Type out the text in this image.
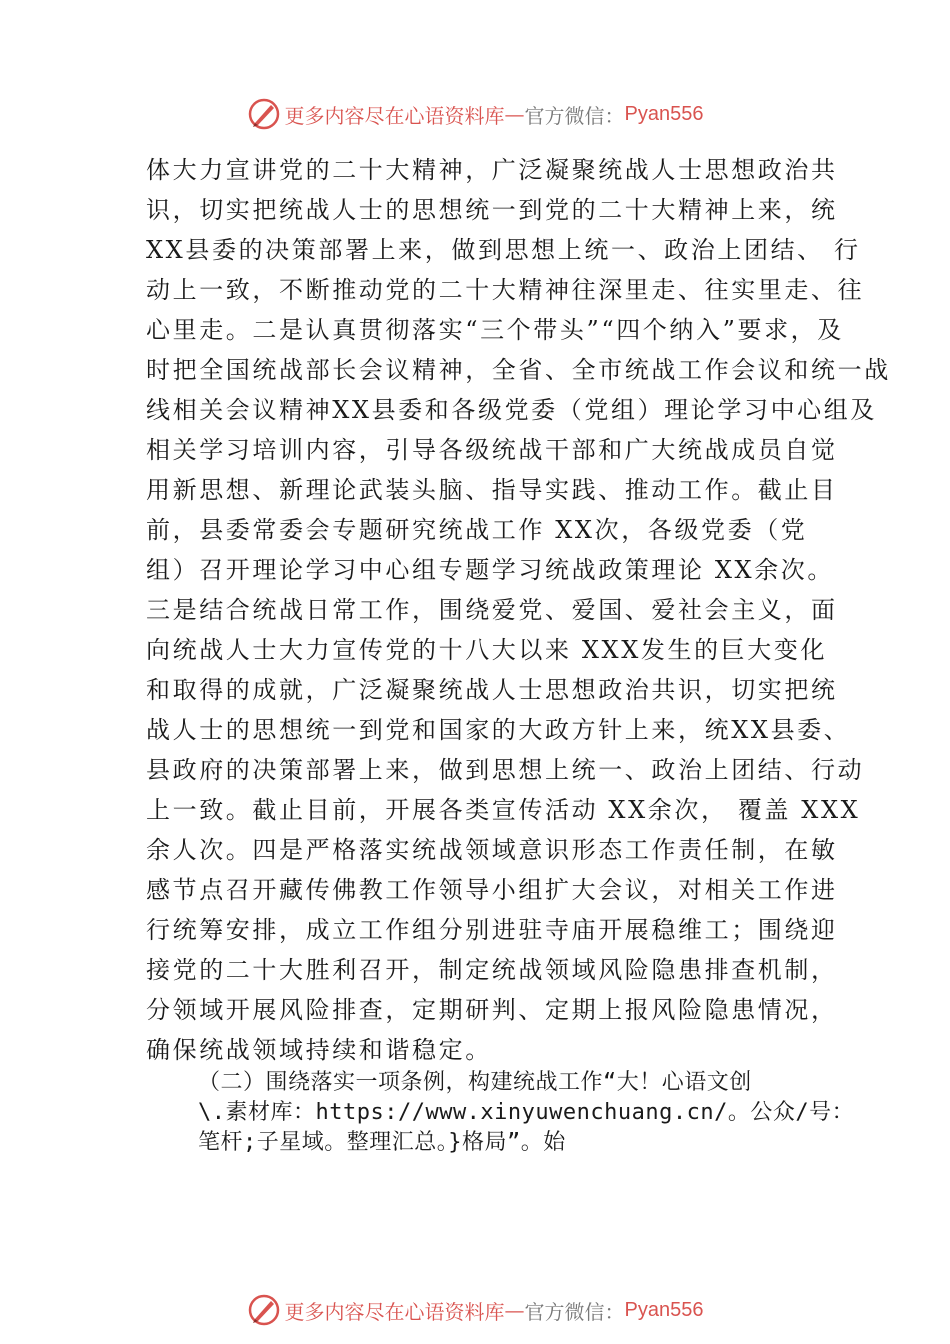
更多内容尽在心语资料库 — 官方微信： Pyan556
体大力宣讲党的二十大精神，广泛凝聚统战人士思想政治共
识，切实把统战人士的思想统一到党的二十大精神上来，统
XX县委的决策部署上来，做到思想上统一、政治上团结、 行
动上一致，不断推动党的二十大精神往深里走、往实里走、往
心里走。二是认真贯彻落实“三个带头”“四个纳入”要求，及
时把全国统战部长会议精神，全省、全市统战工作会议和统一战
线相关会议精神XX县委和各级党委（党组）理论学习中心组及
相关学习培训内容，引导各级统战干部和广大统战成员自觉
用新思想、新理论武装头脑、指导实践、推动工作。截止目
前，县委常委会专题研究统战工作 XX次，各级党委（党
组）召开理论学习中心组专题学习统战政策理论 XX余次。
三是结合统战日常工作，围绕爱党、爱国、爱社会主义，面
向统战人士大力宣传党的十八大以来 XXX发生的巨大变化
和取得的成就，广泛凝聚统战人士思想政治共识，切实把统
战人士的思想统一到党和国家的大政方针上来，统XX县委、
县政府的决策部署上来，做到思想上统一、政治上团结、行动
上一致。截止目前，开展各类宣传活动 XX余次， 覆盖 XXX
余人次。四是严格落实统战领域意识形态工作责任制，在敏
感节点召开藏传佛教工作领导小组扩大会议，对相关工作进
行统筹安排，成立工作组分别进驻寺庙开展稳维工；围绕迎
接党的二十大胜利召开，制定统战领域风险隐患排查机制，
分领域开展风险排查，定期研判、定期上报风险隐患情况，
确保统战领域持续和谐稳定。
（二）围绕落实一项条例，构建统战工作“大！心语文创
\.素材库：https://www.xinyuwenchuang.cn/。公众/号：
笔杆;子星域。整理汇总。}格局”。始
更多内容尽在心语资料库 — 官方微信： Pyan556
